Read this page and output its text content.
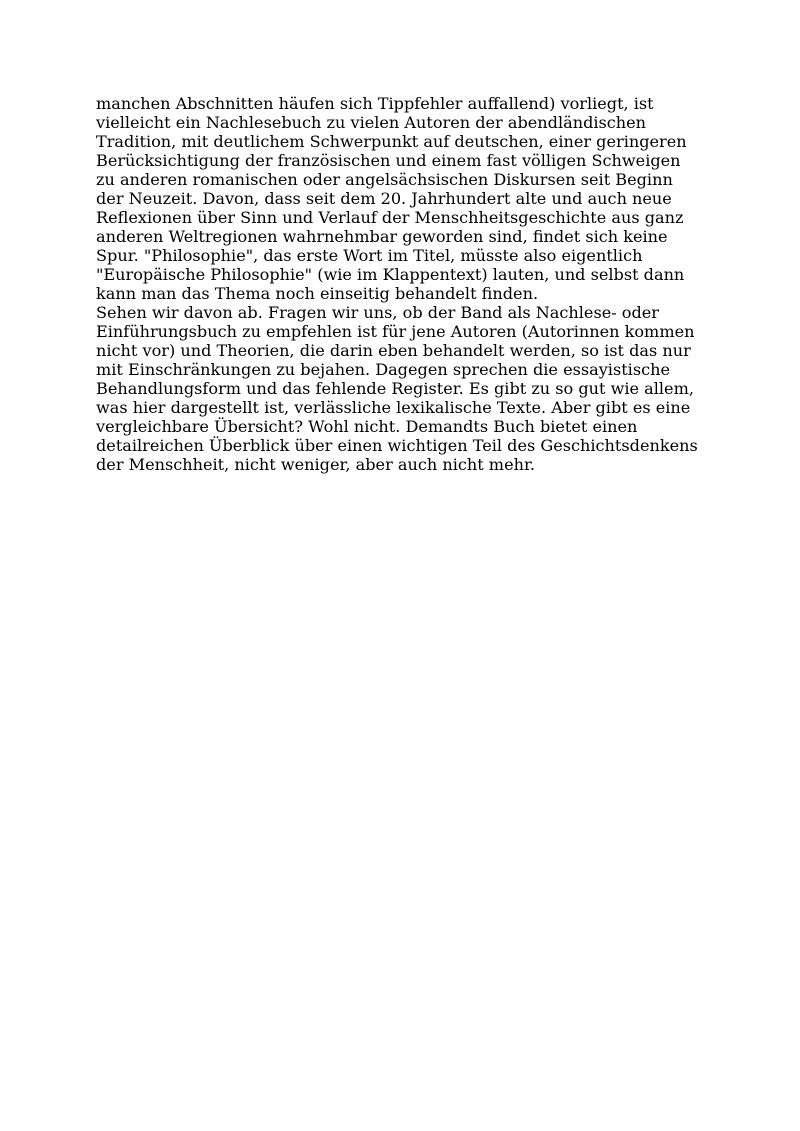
manchen Abschnitten häufen sich Tippfehler auffallend) vorliegt, ist
vielleicht ein Nachlesebuch zu vielen Autoren der abendländischen
Tradition, mit deutlichem Schwerpunkt auf deutschen, einer geringeren
Berücksichtigung der französischen und einem fast völligen Schweigen
zu anderen romanischen oder angelsächsischen Diskursen seit Beginn
der Neuzeit. Davon, dass seit dem 20. Jahrhundert alte und auch neue
Reflexionen über Sinn und Verlauf der Menschheitsgeschichte aus ganz
anderen Weltregionen wahrnehmbar geworden sind, findet sich keine
Spur. "Philosophie", das erste Wort im Titel, müsste also eigentlich
"Europäische Philosophie" (wie im Klappentext) lauten, und selbst dann
kann man das Thema noch einseitig behandelt finden.
Sehen wir davon ab. Fragen wir uns, ob der Band als Nachlese- oder
Einführungsbuch zu empfehlen ist für jene Autoren (Autorinnen kommen
nicht vor) und Theorien, die darin eben behandelt werden, so ist das nur
mit Einschränkungen zu bejahen. Dagegen sprechen die essayistische
Behandlungsform und das fehlende Register. Es gibt zu so gut wie allem,
was hier dargestellt ist, verlässliche lexikalische Texte. Aber gibt es eine
vergleichbare Übersicht? Wohl nicht. Demandts Buch bietet einen
detailreichen Überblick über einen wichtigen Teil des Geschichtsdenkens
der Menschheit, nicht weniger, aber auch nicht mehr.
